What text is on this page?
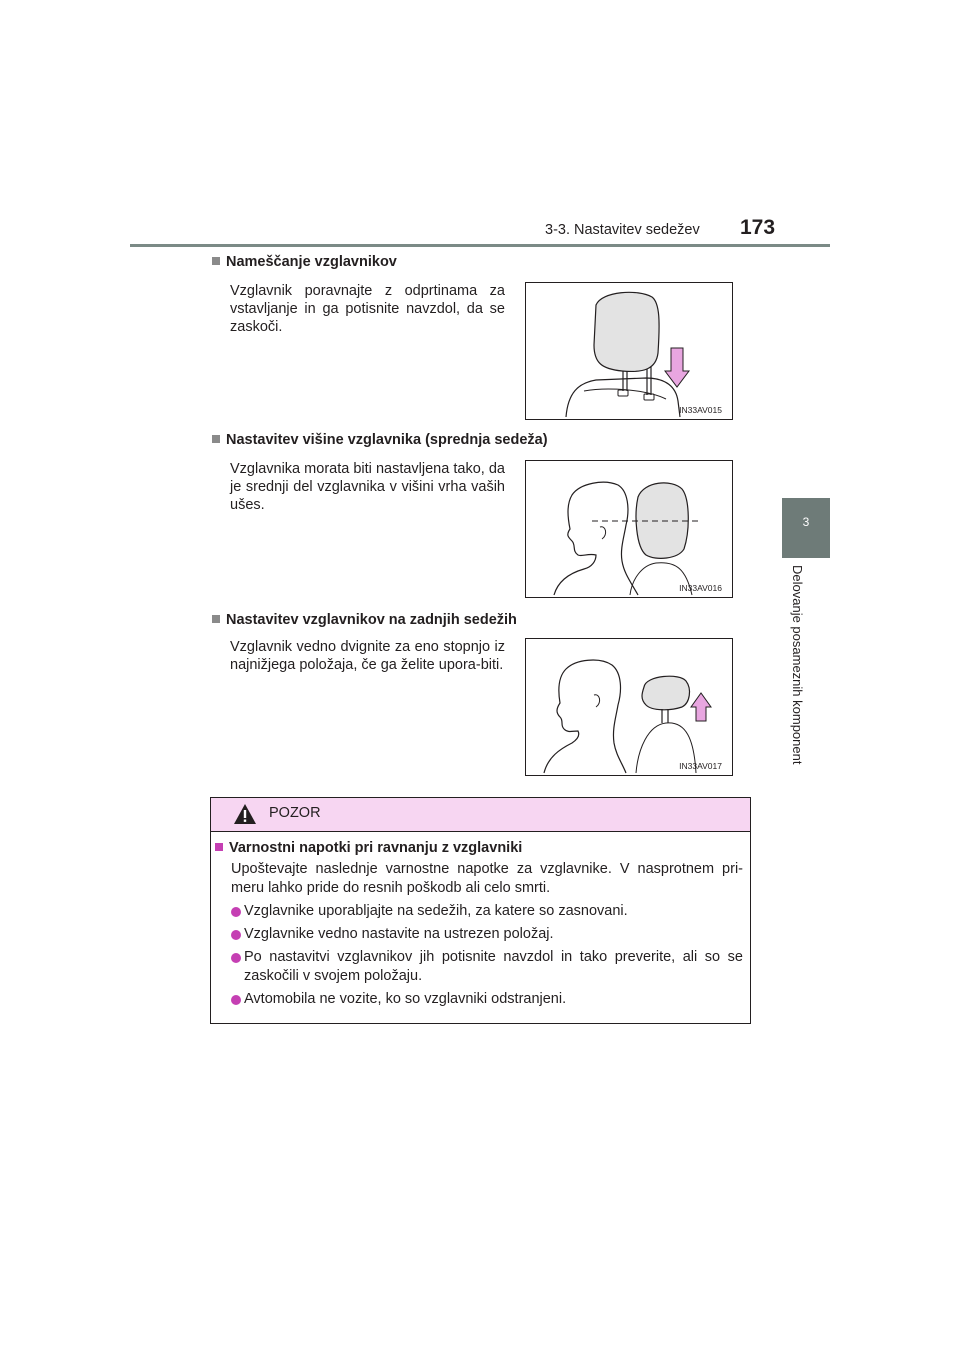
3-3. Nastavitev sedežev 173
3
Delovanje posameznih komponent
Nameščanje vzglavnikov
Vzglavnik poravnajte z odprtinama za vstavljanje in ga potisnite navzdol, da se zaskoči.
IN33AV015
Nastavitev višine vzglavnika (sprednja sedeža)
Vzglavnika morata biti nastavljena tako, da je srednji del vzglavnika v višini vrha vaših ušes.
IN33AV016
Nastavitev vzglavnikov na zadnjih sedežih
Vzglavnik vedno dvignite za eno stopnjo iz najnižjega položaja, če ga želite upora-biti.
IN33AV017
POZOR
Varnostni napotki pri ravnanju z vzglavniki
Upoštevajte naslednje varnostne napotke za vzglavnike. V nasprotnem pri-meru lahko pride do resnih poškodb ali celo smrti.
Vzglavnike uporabljajte na sedežih, za katere so zasnovani.
Vzglavnike vedno nastavite na ustrezen položaj.
Po nastavitvi vzglavnikov jih potisnite navzdol in tako preverite, ali so se zaskočili v svojem položaju.
Avtomobila ne vozite, ko so vzglavniki odstranjeni.
